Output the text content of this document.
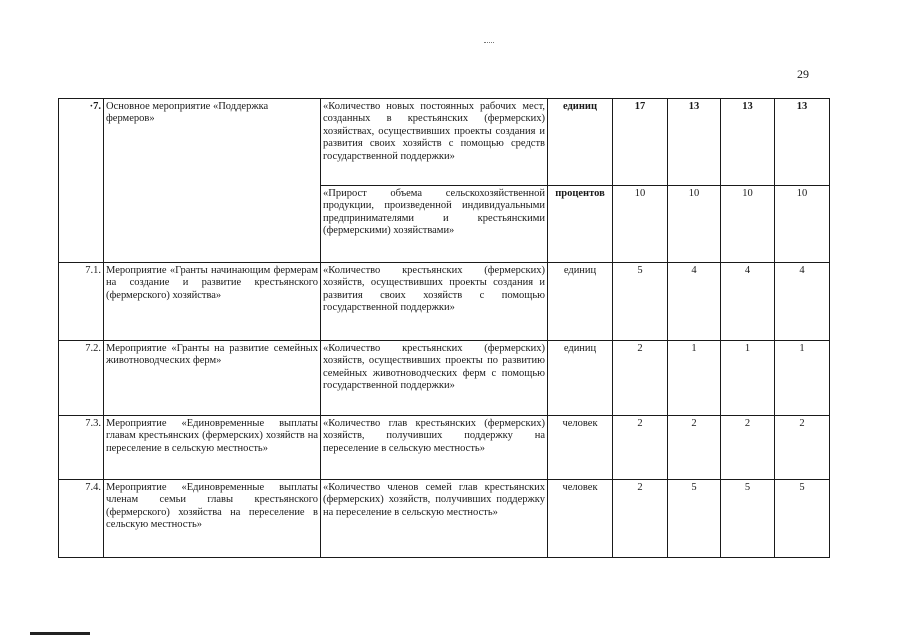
29
·7.	Основное мероприятие «Поддержка фермеров»	«Количество новых постоянных рабочих мест, созданных в крестьянских (фермерских) хозяйствах, осуществивших проекты создания и развития своих хозяйств с помощью средств государственной поддержки»	единиц	17	13	13	13
		«Прирост объема сельскохозяйственной продукции, произведенной индивидуальными предпринимателями и крестьянскими (фермерскими) хозяйствами»	процентов	10	10	10	10
7.1.	Мероприятие «Гранты начинающим фермерам на создание и развитие крестьянского (фермерского) хозяйства»	«Количество крестьянских (фермерских) хозяйств, осуществивших проекты создания и развития своих хозяйств с помощью государственной поддержки»	единиц	5	4	4	4
7.2.	Мероприятие «Гранты на развитие семейных животноводческих ферм»	«Количество крестьянских (фермерских) хозяйств, осуществивших проекты по развитию семейных животноводческих ферм с помощью государственной поддержки»	единиц	2	1	1	1
7.3.	Мероприятие «Единовременные выплаты главам крестьянских (фермерских) хозяйств на переселение в сельскую местность»	«Количество глав крестьянских (фермерских) хозяйств, получивших поддержку на переселение в сельскую местность»	человек	2	2	2	2
7.4.	Мероприятие «Единовременные выплаты членам семьи главы крестьянского (фермерского) хозяйства на переселение в сельскую местность»	«Количество членов семей глав крестьянских (фермерских) хозяйств, получивших поддержку на переселение в сельскую местность»	человек	2	5	5	5
